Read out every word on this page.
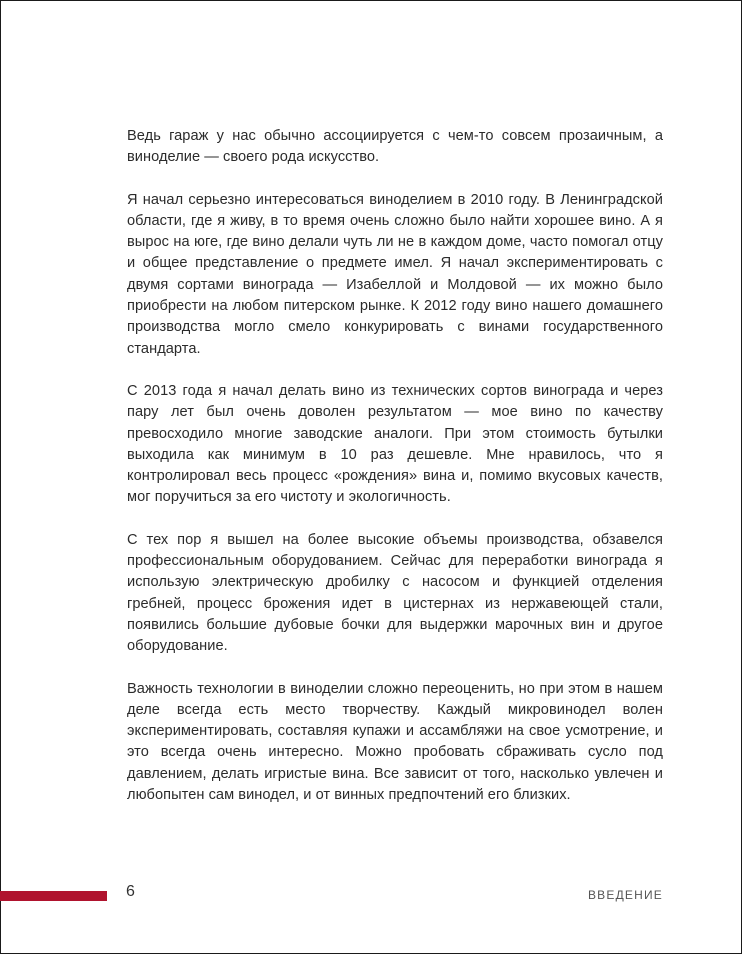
Ведь гараж у нас обычно ассоциируется с чем-то совсем прозаичным, а виноделие — своего рода искусство.

Я начал серьезно интересоваться виноделием в 2010 году. В Ленинградской области, где я живу, в то время очень сложно было найти хорошее вино. А я вырос на юге, где вино делали чуть ли не в каждом доме, часто помогал отцу и общее представление о предмете имел. Я начал экспериментировать с двумя сортами винограда — Изабеллой и Молдовой — их можно было приобрести на любом питерском рынке. К 2012 году вино нашего домашнего производства могло смело конкурировать с винами государственного стандарта.

С 2013 года я начал делать вино из технических сортов винограда и через пару лет был очень доволен результатом — мое вино по качеству превосходило многие заводские аналоги. При этом стоимость бутылки выходила как минимум в 10 раз дешевле. Мне нравилось, что я контролировал весь процесс «рождения» вина и, помимо вкусовых качеств, мог поручиться за его чистоту и экологичность.

С тех пор я вышел на более высокие объемы производства, обзавелся профессиональным оборудованием. Сейчас для переработки винограда я использую электрическую дробилку с насосом и функцией отделения гребней, процесс брожения идет в цистернах из нержавеющей стали, появились большие дубовые бочки для выдержки марочных вин и другое оборудование.

Важность технологии в виноделии сложно переоценить, но при этом в нашем деле всегда есть место творчеству. Каждый микровинодел волен экспериментировать, составляя купажи и ассамбляжи на свое усмотрение, и это всегда очень интересно. Можно пробовать сбраживать сусло под давлением, делать игристые вина. Все зависит от того, насколько увлечен и любопытен сам винодел, и от винных предпочтений его близких.

6	ВВЕДЕНИЕ
